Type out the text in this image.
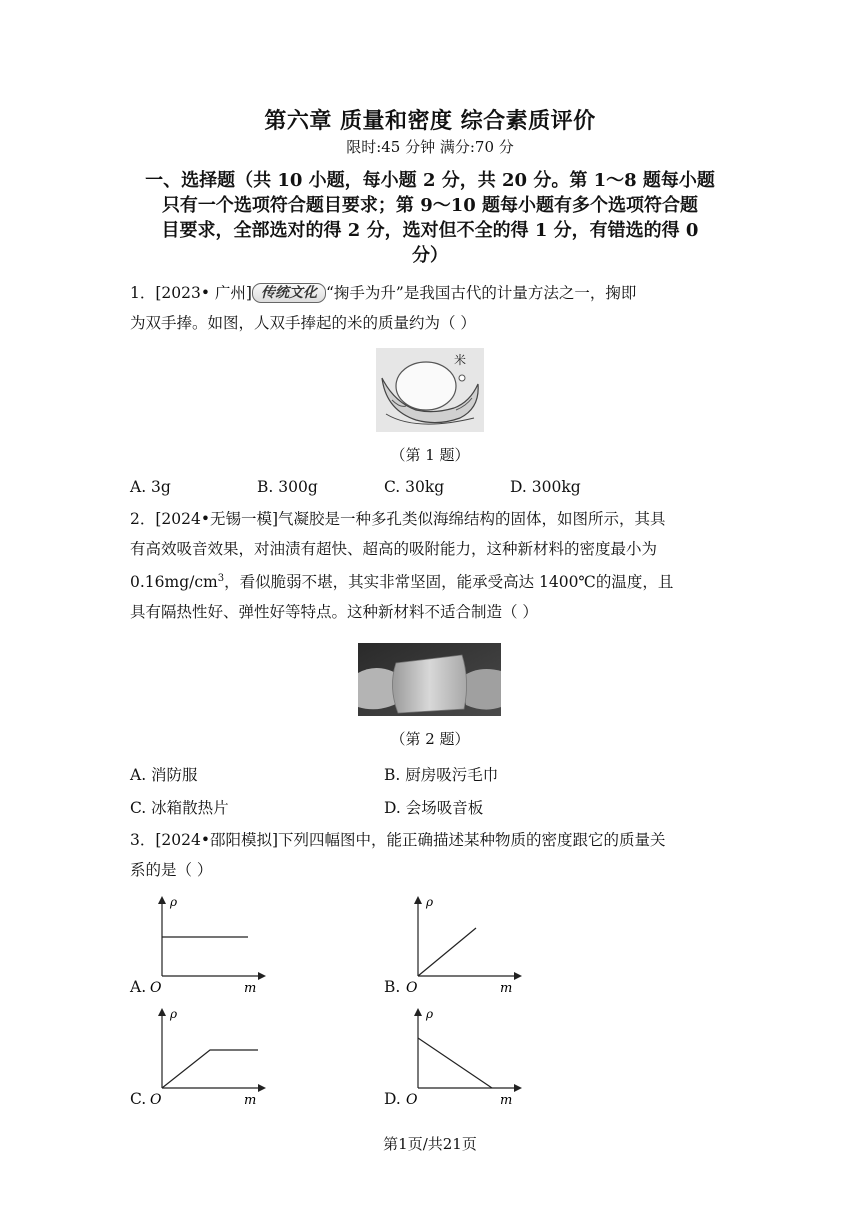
第六章 质量和密度 综合素质评价
限时:45 分钟 满分:70 分
一、选择题（共 10 小题，每小题 2 分，共 20 分。第 1～8 题每小题
只有一个选项符合题目要求；第 9～10 题每小题有多个选项符合题
目要求，全部选对的得 2 分，选对但不全的得 1 分，有错选的得 0
分）
1．[2023• 广州] 传统文化 “掬手为升”是我国古代的计量方法之一，掬即
为双手捧。如图，人双手捧起的米的质量约为（ ）
米
（第 1 题）
A. 3g	B. 300g	C. 30kg	D. 300kg
2．[2024•无锡一模]气凝胶是一种多孔类似海绵结构的固体，如图所示，其具
有高效吸音效果，对油渍有超快、超高的吸附能力，这种新材料的密度最小为
$0.16mg/cm^3$，看似脆弱不堪，其实非常坚固，能承受高达 1400℃的温度，且
具有隔热性好、弹性好等特点。这种新材料不适合制造（ ）
（第 2 题）
A. 消防服	B. 厨房吸污毛巾
C. 冰箱散热片	D. 会场吸音板
3．[2024•邵阳模拟]下列四幅图中，能正确描述某种物质的密度跟它的质量关
系的是（ ）
A.
ρ
m
O	B.
ρ
m
O
C.
ρ
m
O	D.
ρ
m
O
第1页/共21页
